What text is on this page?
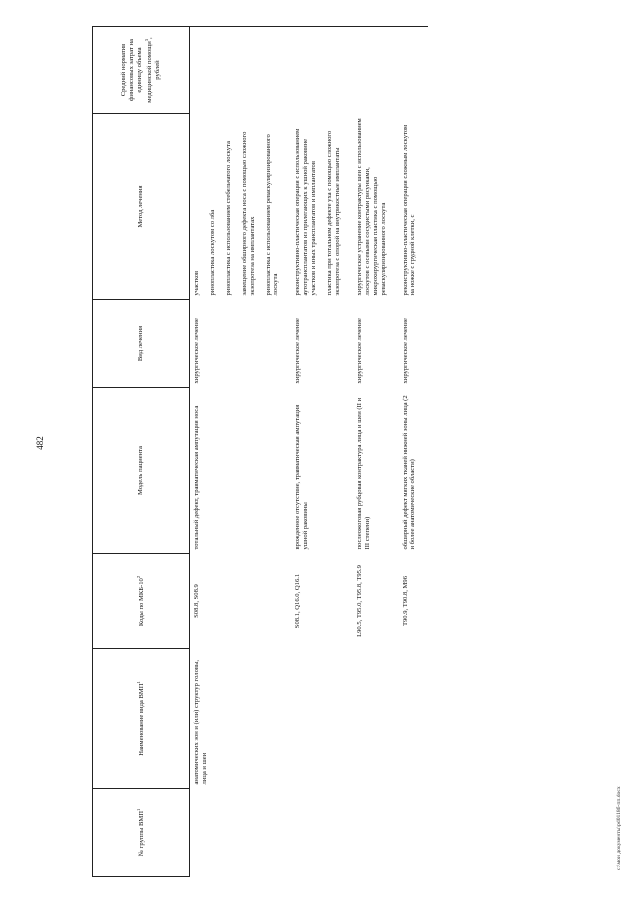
482
№ группы ВМП$^1$	Наименование вида ВМП$^1$	Коды по МКБ-$10^2$	Модель пациента	Вид лечения	Метод лечения	Средний норматив финансовых затрат на единицу объема медицинской помощи$^3$, рублей
	анатомических зон и (или) структур головы, лица и шеи	S08.8, S08.9	тотальный дефект, травматическая ампутация носа	хирургическое лечение	участков ринопластика лоскутом со лба ринопластика с использованием стебельчатого лоскута замещение обширного дефекта носа с помощью сложного экзопротеза на имплантатах ринопластика с использованием реваскуляризированного лоскута	

		S08.1, Q16.0, Q16.1	врожденное отсутствие, травматическая ампутация ушной раковины	хирургическое лечение	реконструктивно-пластическая операция с использованием аутотрансплантатов из прилегающих к ушной раковине участков и иных трансплантатов и имплантатов пластика при тотальном дефекте уха с помощью сложного экзопротеза с опорой на внутрикостные имплантаты	

		L90.5, T95.0, T95.8, T95.9	послеожоговая рубцовая контрактура лица и шеи (II и III степени)	хирургическое лечение	хирургическое устранение контрактуры шеи с использованием лоскутов с осевыми сосудистыми рисунками, микрохирургическая пластика с помощью реваскуляризированного лоскута	

		T90.9, T90.8, M96	обширный дефект мягких тканей нижней зоны лица (2 и более анатомические области)	хирургическое лечение	реконструктивно-пластическая операция сложным лоскутом на ножке с грудной клетки, с	

c:\мои документы\pd0118б-пп.docx
